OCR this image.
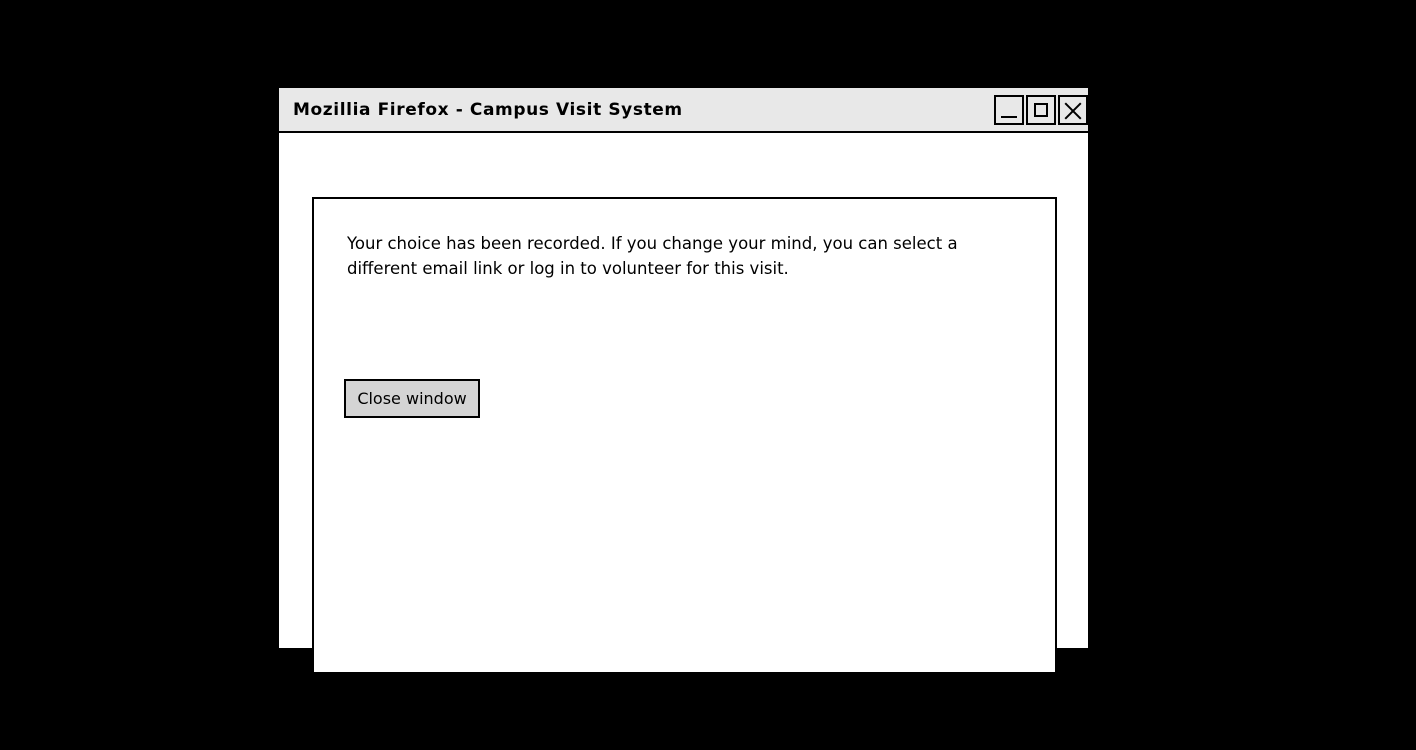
Mozillia Firefox - Campus Visit System
Your choice has been recorded. If you change your mind, you can select a different email link or log in to volunteer for this visit.
Close window
